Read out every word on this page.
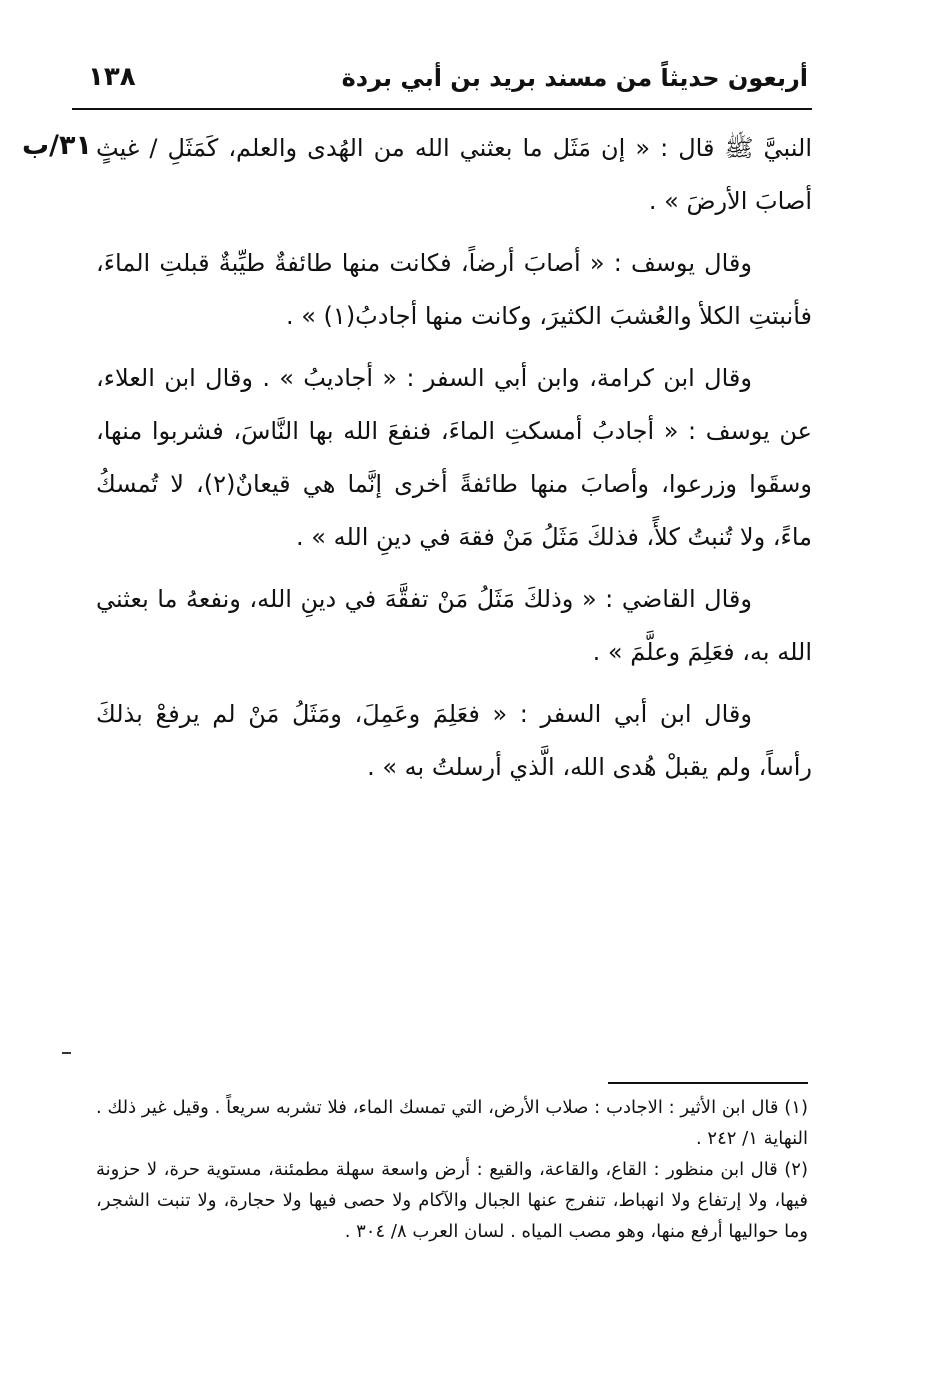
أربعون حديثاً من مسند بريد بن أبي بردة
١٣٨
٣١/ب النبيَّ ﷺ قال : « إن مَثَل ما بعثني الله من الهُدى والعلم، كَمَثَلِ / غيثٍ أصابَ الأرضَ » .

وقال يوسف : « أصابَ أرضاً، فكانت منها طائفةٌ طيِّبةٌ قبلتِ الماءَ، فأنبتتِ الكلأ والعُشبَ الكثيرَ، وكانت منها أجادبُ(١) » .

وقال ابن كرامة، وابن أبي السفر : « أجاديبُ » . وقال ابن العلاء، عن يوسف : « أجادبُ أمسكتِ الماءَ، فنفعَ الله بها النَّاسَ، فشربوا منها، وسقَوا وزرعوا، وأصابَ منها طائفةً أخرى إنَّما هي قيعانٌ(٢)، لا تُمسكُ ماءً، ولا تُنبتُ كلأً، فذلكَ مَثَلُ مَنْ فقهَ في دينِ الله » .

وقال القاضي : « وذلكَ مَثَلُ مَنْ تفقَّهَ في دينِ الله، ونفعهُ ما بعثني الله به، فعَلِمَ وعلَّمَ » .

وقال ابن أبي السفر : « فعَلِمَ وعَمِلَ، ومَثَلُ مَنْ لم يرفعْ بذلكَ رأساً، ولم يقبلْ هُدى الله، الَّذي أرسلتُ به » .

(١) قال ابن الأثير : الاجادب : صلاب الأرض، التي تمسك الماء، فلا تشربه سريعاً . وقيل غير ذلك . النهاية ١/ ٢٤٢ .

(٢) قال ابن منظور : القاع، والقاعة، والقيع : أرض واسعة سهلة مطمئنة، مستوية حرة، لا حزونة فيها، ولا إرتفاع ولا انهباط، تنفرج عنها الجبال والآكام ولا حصى فيها ولا حجارة، ولا تنبت الشجر، وما حواليها أرفع منها، وهو مصب المياه . لسان العرب ٨/ ٣٠٤ .
